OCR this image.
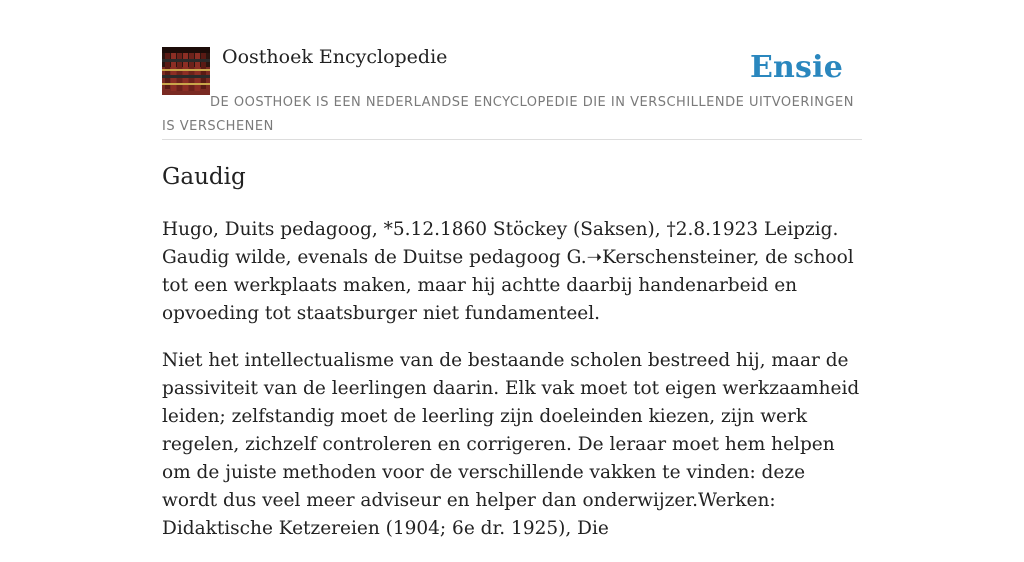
Oosthoek Encyclopedie	Ensie
DE OOSTHOEK IS EEN NEDERLANDSE ENCYCLOPEDIE DIE IN VERSCHILLENDE UITVOERINGEN IS VERSCHENEN
Gaudig

Hugo, Duits pedagoog, *5.12.1860 Stöckey (Saksen), †2.8.1923 Leipzig. Gaudig wilde, evenals de Duitse pedagoog G.➝Kerschensteiner, de school tot een werkplaats maken, maar hij achtte daarbij handenarbeid en opvoeding tot staatsburger niet fundamenteel.

Niet het intellectualisme van de bestaande scholen bestreed hij, maar de passiviteit van de leerlingen daarin. Elk vak moet tot eigen werkzaamheid leiden; zelfstandig moet de leerling zijn doeleinden kiezen, zijn werk regelen, zichzelf controleren en corrigeren. De leraar moet hem helpen om de juiste methoden voor de verschillende vakken te vinden: deze wordt dus veel meer adviseur en helper dan onderwijzer.Werken: Didaktische Ketzereien (1904; 6e dr. 1925), Die
